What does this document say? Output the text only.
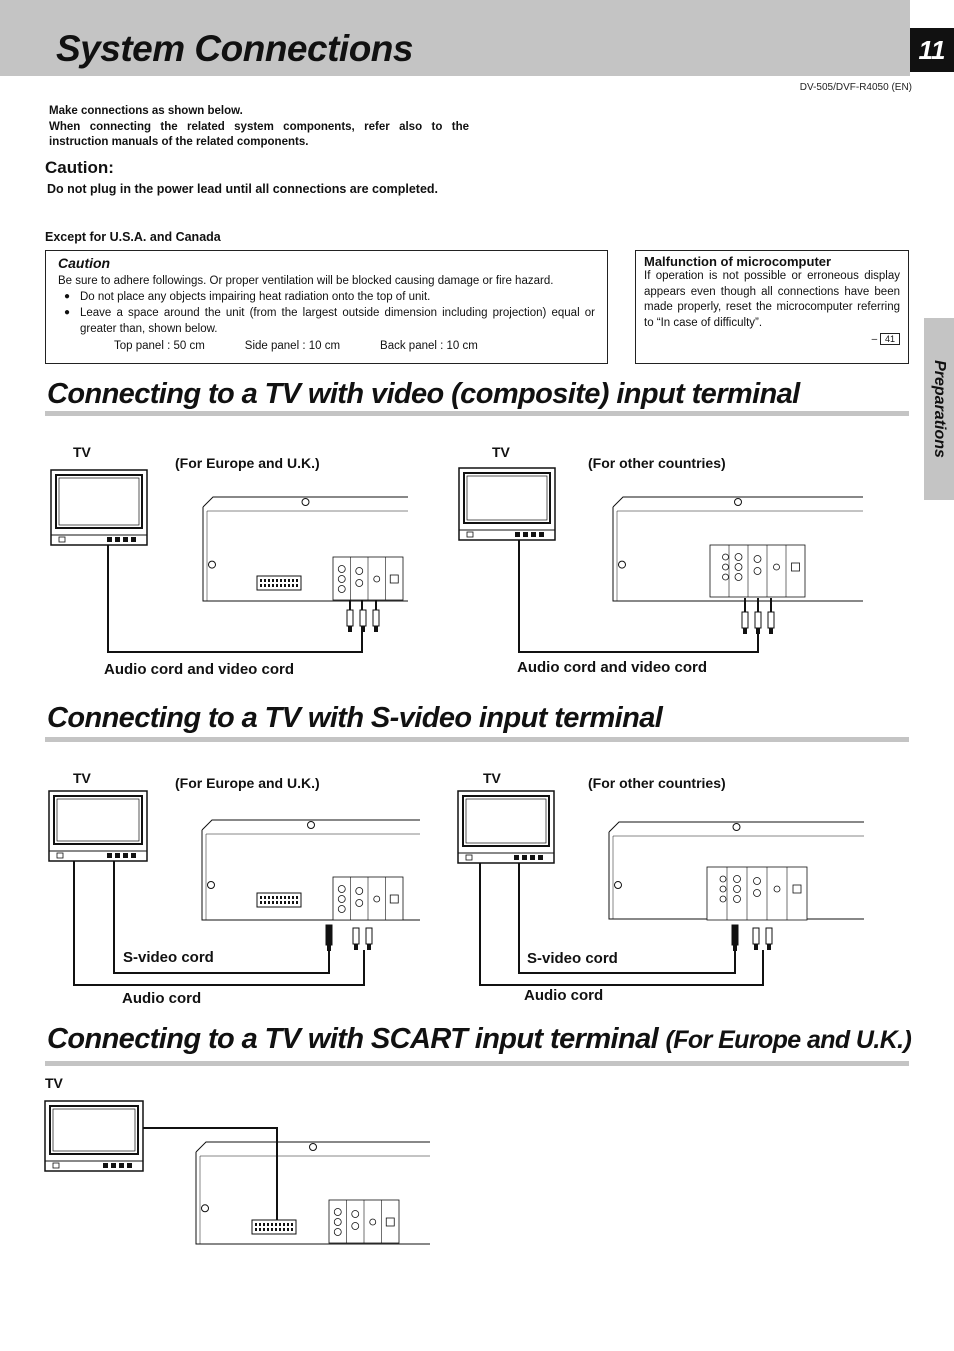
System Connections	11
DV-505/DVF-R4050 (EN)
Make connections as shown below.
When connecting the related system components, refer also to the instruction manuals of the related components.
Caution:
Do not plug in the power lead until all connections are completed.
Except for U.S.A. and Canada
Caution
Be sure to adhere followings. Or proper ventilation will be blocked causing damage or fire hazard.
● Do not place any objects impairing heat radiation onto the top of unit.
● Leave a space around the unit (from the largest outside dimension including projection) equal or greater than, shown below.
Top panel : 50 cm	Side panel : 10 cm	Back panel : 10 cm
Malfunction of microcomputer
If operation is not possible or erroneous display appears even though all connections have been made properly, reset the microcomputer referring to “In case of difficulty”.
– 41
Preparations
Connecting to a TV with video (composite) input terminal
TV
(For Europe and U.K.)
TV
(For other countries)
Audio cord and video cord	Audio cord and video cord
Connecting to a TV with S-video input terminal
TV	(For Europe and U.K.)	TV	(For other countries)
S-video cord
Audio cord
S-video cord
Audio cord
Connecting to a TV with SCART input terminal (For Europe and U.K.)
TV
